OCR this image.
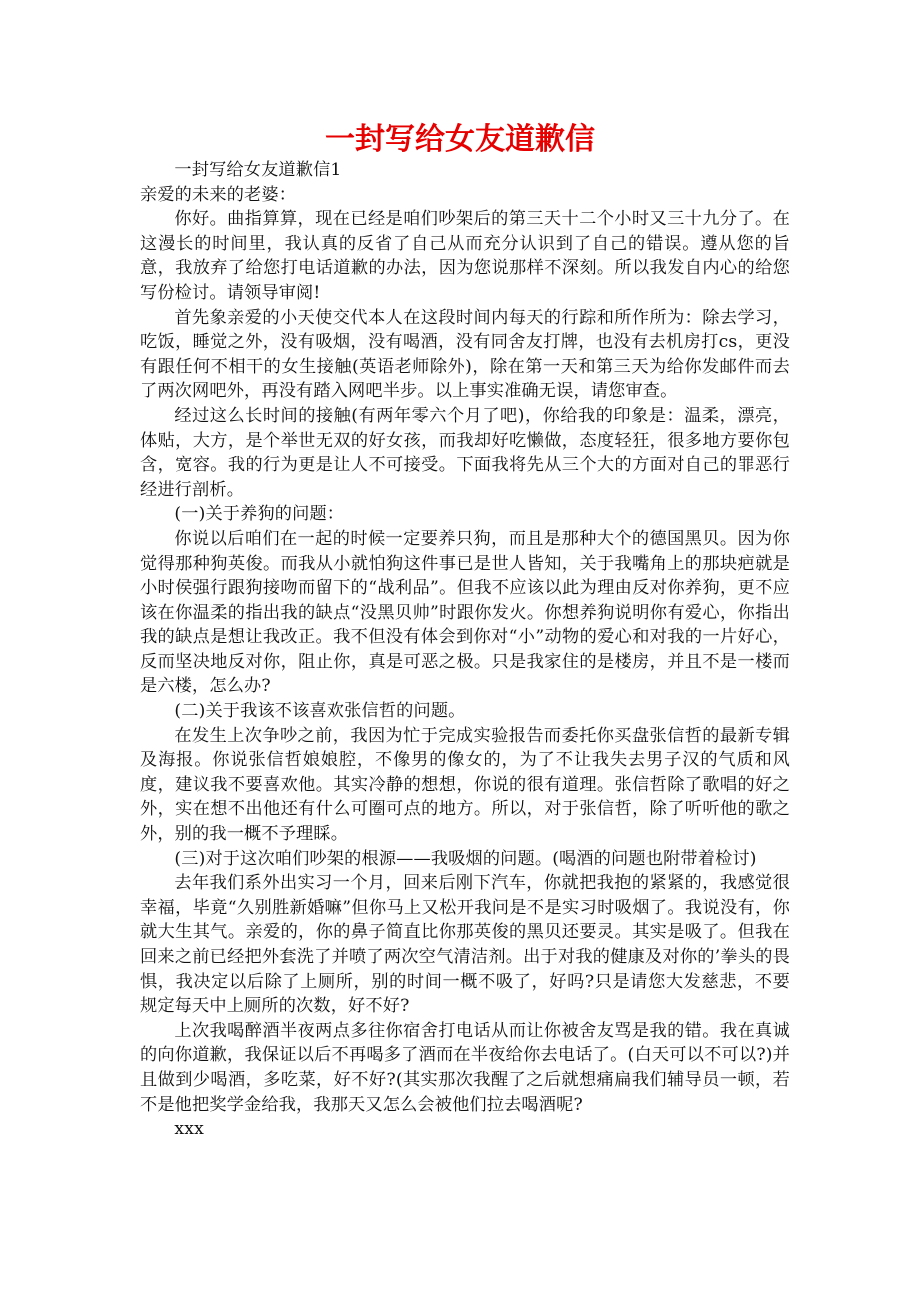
一封写给女友道歉信

一封写给女友道歉信1

亲爱的未来的老婆：

你好。曲指算算，现在已经是咱们吵架后的第三天十二个小时又三十九分了。在这漫长的时间里，我认真的反省了自己从而充分认识到了自己的错误。遵从您的旨意，我放弃了给您打电话道歉的办法，因为您说那样不深刻。所以我发自内心的给您写份检讨。请领导审阅!

首先象亲爱的小天使交代本人在这段时间内每天的行踪和所作所为：除去学习，吃饭，睡觉之外，没有吸烟，没有喝酒，没有同舍友打牌，也没有去机房打cs，更没有跟任何不相干的女生接触(英语老师除外)，除在第一天和第三天为给你发邮件而去了两次网吧外，再没有踏入网吧半步。以上事实准确无误，请您审查。

经过这么长时间的接触(有两年零六个月了吧)，你给我的印象是：温柔，漂亮，体贴，大方，是个举世无双的好女孩，而我却好吃懒做，态度轻狂，很多地方要你包含，宽容。我的行为更是让人不可接受。下面我将先从三个大的方面对自己的罪恶行经进行剖析。

(一)关于养狗的问题：

你说以后咱们在一起的时候一定要养只狗，而且是那种大个的德国黑贝。因为你觉得那种狗英俊。而我从小就怕狗这件事已是世人皆知，关于我嘴角上的那块疤就是小时侯强行跟狗接吻而留下的“战利品”。但我不应该以此为理由反对你养狗，更不应该在你温柔的指出我的缺点“没黑贝帅”时跟你发火。你想养狗说明你有爱心，你指出我的缺点是想让我改正。我不但没有体会到你对“小”动物的爱心和对我的一片好心，反而坚决地反对你，阻止你，真是可恶之极。只是我家住的是楼房，并且不是一楼而是六楼，怎么办?

(二)关于我该不该喜欢张信哲的问题。

在发生上次争吵之前，我因为忙于完成实验报告而委托你买盘张信哲的最新专辑及海报。你说张信哲娘娘腔，不像男的像女的，为了不让我失去男子汉的气质和风度，建议我不要喜欢他。其实冷静的想想，你说的很有道理。张信哲除了歌唱的好之外，实在想不出他还有什么可圈可点的地方。所以，对于张信哲，除了听听他的歌之外，别的我一概不予理睬。

(三)对于这次咱们吵架的根源——我吸烟的问题。(喝酒的问题也附带着检讨)

去年我们系外出实习一个月，回来后刚下汽车，你就把我抱的紧紧的，我感觉很幸福，毕竟“久别胜新婚嘛”但你马上又松开我问是不是实习时吸烟了。我说没有，你就大生其气。亲爱的，你的鼻子简直比你那英俊的黑贝还要灵。其实是吸了。但我在回来之前已经把外套洗了并喷了两次空气清洁剂。出于对我的健康及对你的’拳头的畏惧，我决定以后除了上厕所，别的时间一概不吸了，好吗?只是请您大发慈悲，不要规定每天中上厕所的次数，好不好?

上次我喝醉酒半夜两点多往你宿舍打电话从而让你被舍友骂是我的错。我在真诚的向你道歉，我保证以后不再喝多了酒而在半夜给你去电话了。(白天可以不可以?)并且做到少喝酒，多吃菜，好不好?(其实那次我醒了之后就想痛扁我们辅导员一顿，若不是他把奖学金给我，我那天又怎么会被他们拉去喝酒呢?

xxx
